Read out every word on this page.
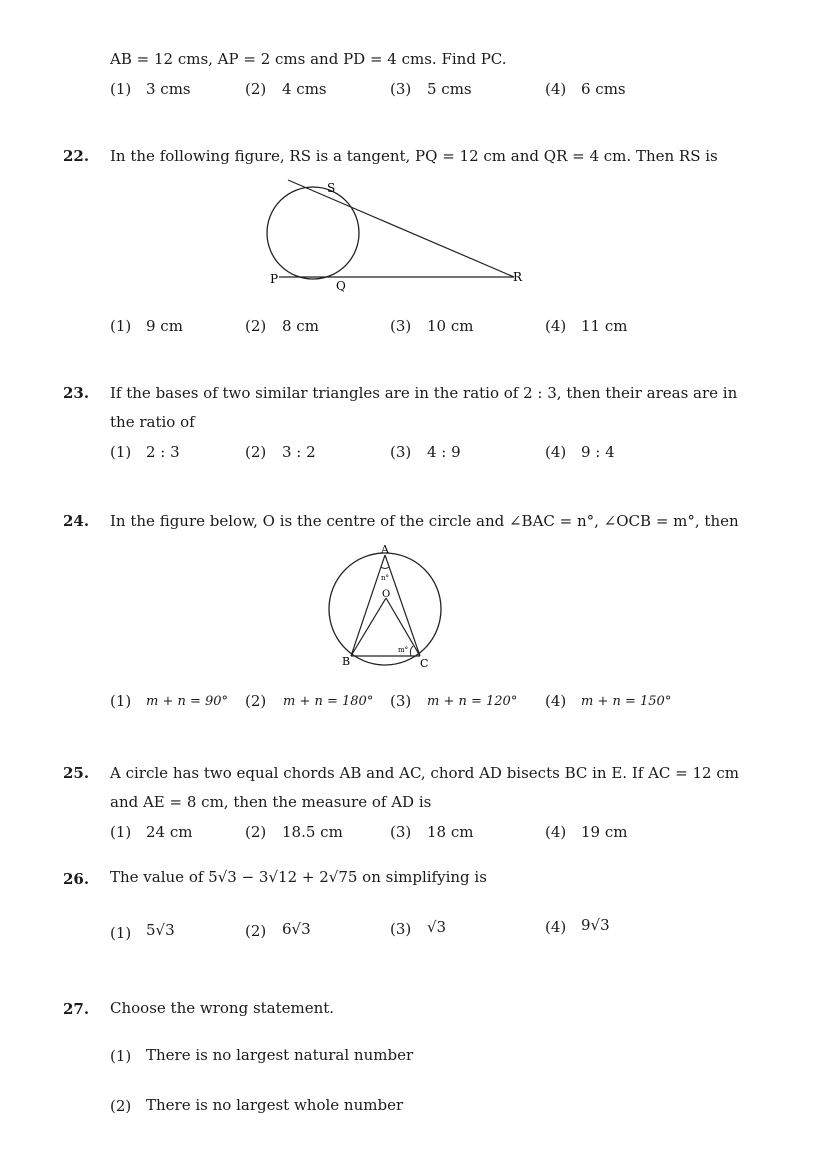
AB = 12 cms, AP = 2 cms and PD = 4 cms. Find PC.
(1) 3 cms	(2) 4 cms	(3) 5 cms	(4) 6 cms
22. In the following figure, RS is a tangent, PQ = 12 cm and QR = 4 cm. Then RS is
S
P	Q
R
(1) 9 cm	(2) 8 cm	(3) 10 cm	(4) 11 cm
23. If the bases of two similar triangles are in the ratio of 2 : 3, then their areas are in
the ratio of
(1) 2 : 3	(2) 3 : 2	(3) 4 : 9	(4) 9 : 4
24. In the figure below, O is the centre of the circle and ∠BAC = n°, ∠OCB = m°, then
A
n°
O
m°
B	C
(1) m + n = 90° (2) m + n = 180° (3) m + n = 120° (4) m + n = 150°
25. A circle has two equal chords AB and AC, chord AD bisects BC in E. If AC = 12 cm
and AE = 8 cm, then the measure of AD is
(1) 24 cm	(2) 18.5 cm	(3) 18 cm	(4) 19 cm
26. The value of 5√3 − 3√12 + 2√75 on simplifying is
(1) 5√3	(2) 6√3	(3) √3	(4) 9√3
27. Choose the wrong statement.
(1) There is no largest natural number
(2) There is no largest whole number
